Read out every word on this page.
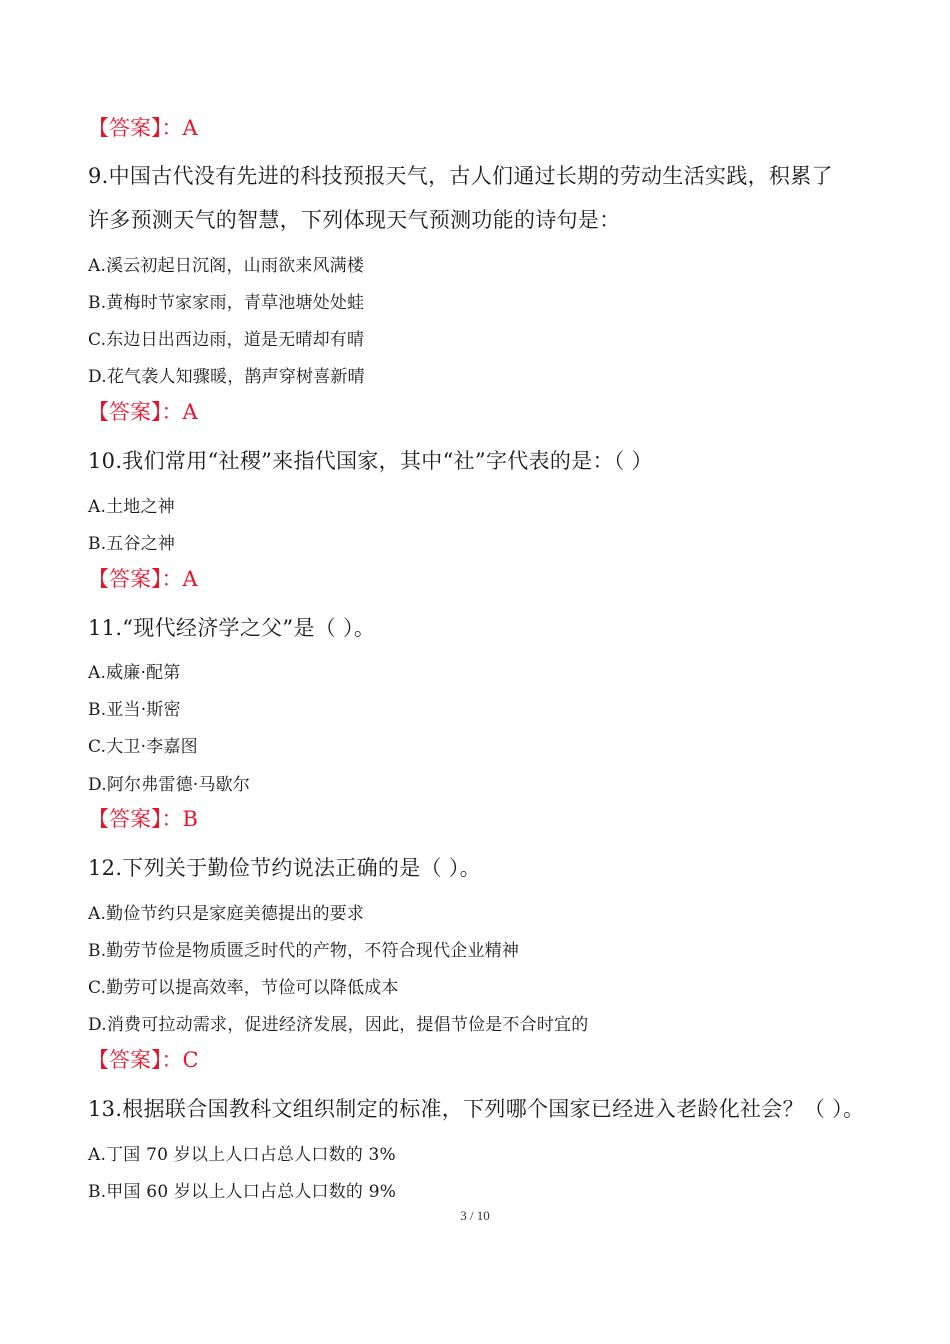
【答案】：A
9.中国古代没有先进的科技预报天气，古人们通过长期的劳动生活实践，积累了
许多预测天气的智慧，下列体现天气预测功能的诗句是：
A.溪云初起日沉阁，山雨欲来风满楼
B.黄梅时节家家雨，青草池塘处处蛙
C.东边日出西边雨，道是无晴却有晴
D.花气袭人知骤暖，鹊声穿树喜新晴
【答案】：A
10.我们常用“社稷”来指代国家，其中“社”字代表的是：（ ）
A.土地之神
B.五谷之神
【答案】：A
11.“现代经济学之父”是（ ）。
A.威廉·配第
B.亚当·斯密
C.大卫·李嘉图
D.阿尔弗雷德·马歇尔
【答案】：B
12.下列关于勤俭节约说法正确的是（ ）。
A.勤俭节约只是家庭美德提出的要求
B.勤劳节俭是物质匮乏时代的产物，不符合现代企业精神
C.勤劳可以提高效率，节俭可以降低成本
D.消费可拉动需求，促进经济发展，因此，提倡节俭是不合时宜的
【答案】：C
13.根据联合国教科文组织制定的标准，下列哪个国家已经进入老龄化社会？（ ）。
A.丁国 70 岁以上人口占总人口数的 3%
B.甲国 60 岁以上人口占总人口数的 9%
3 / 10
